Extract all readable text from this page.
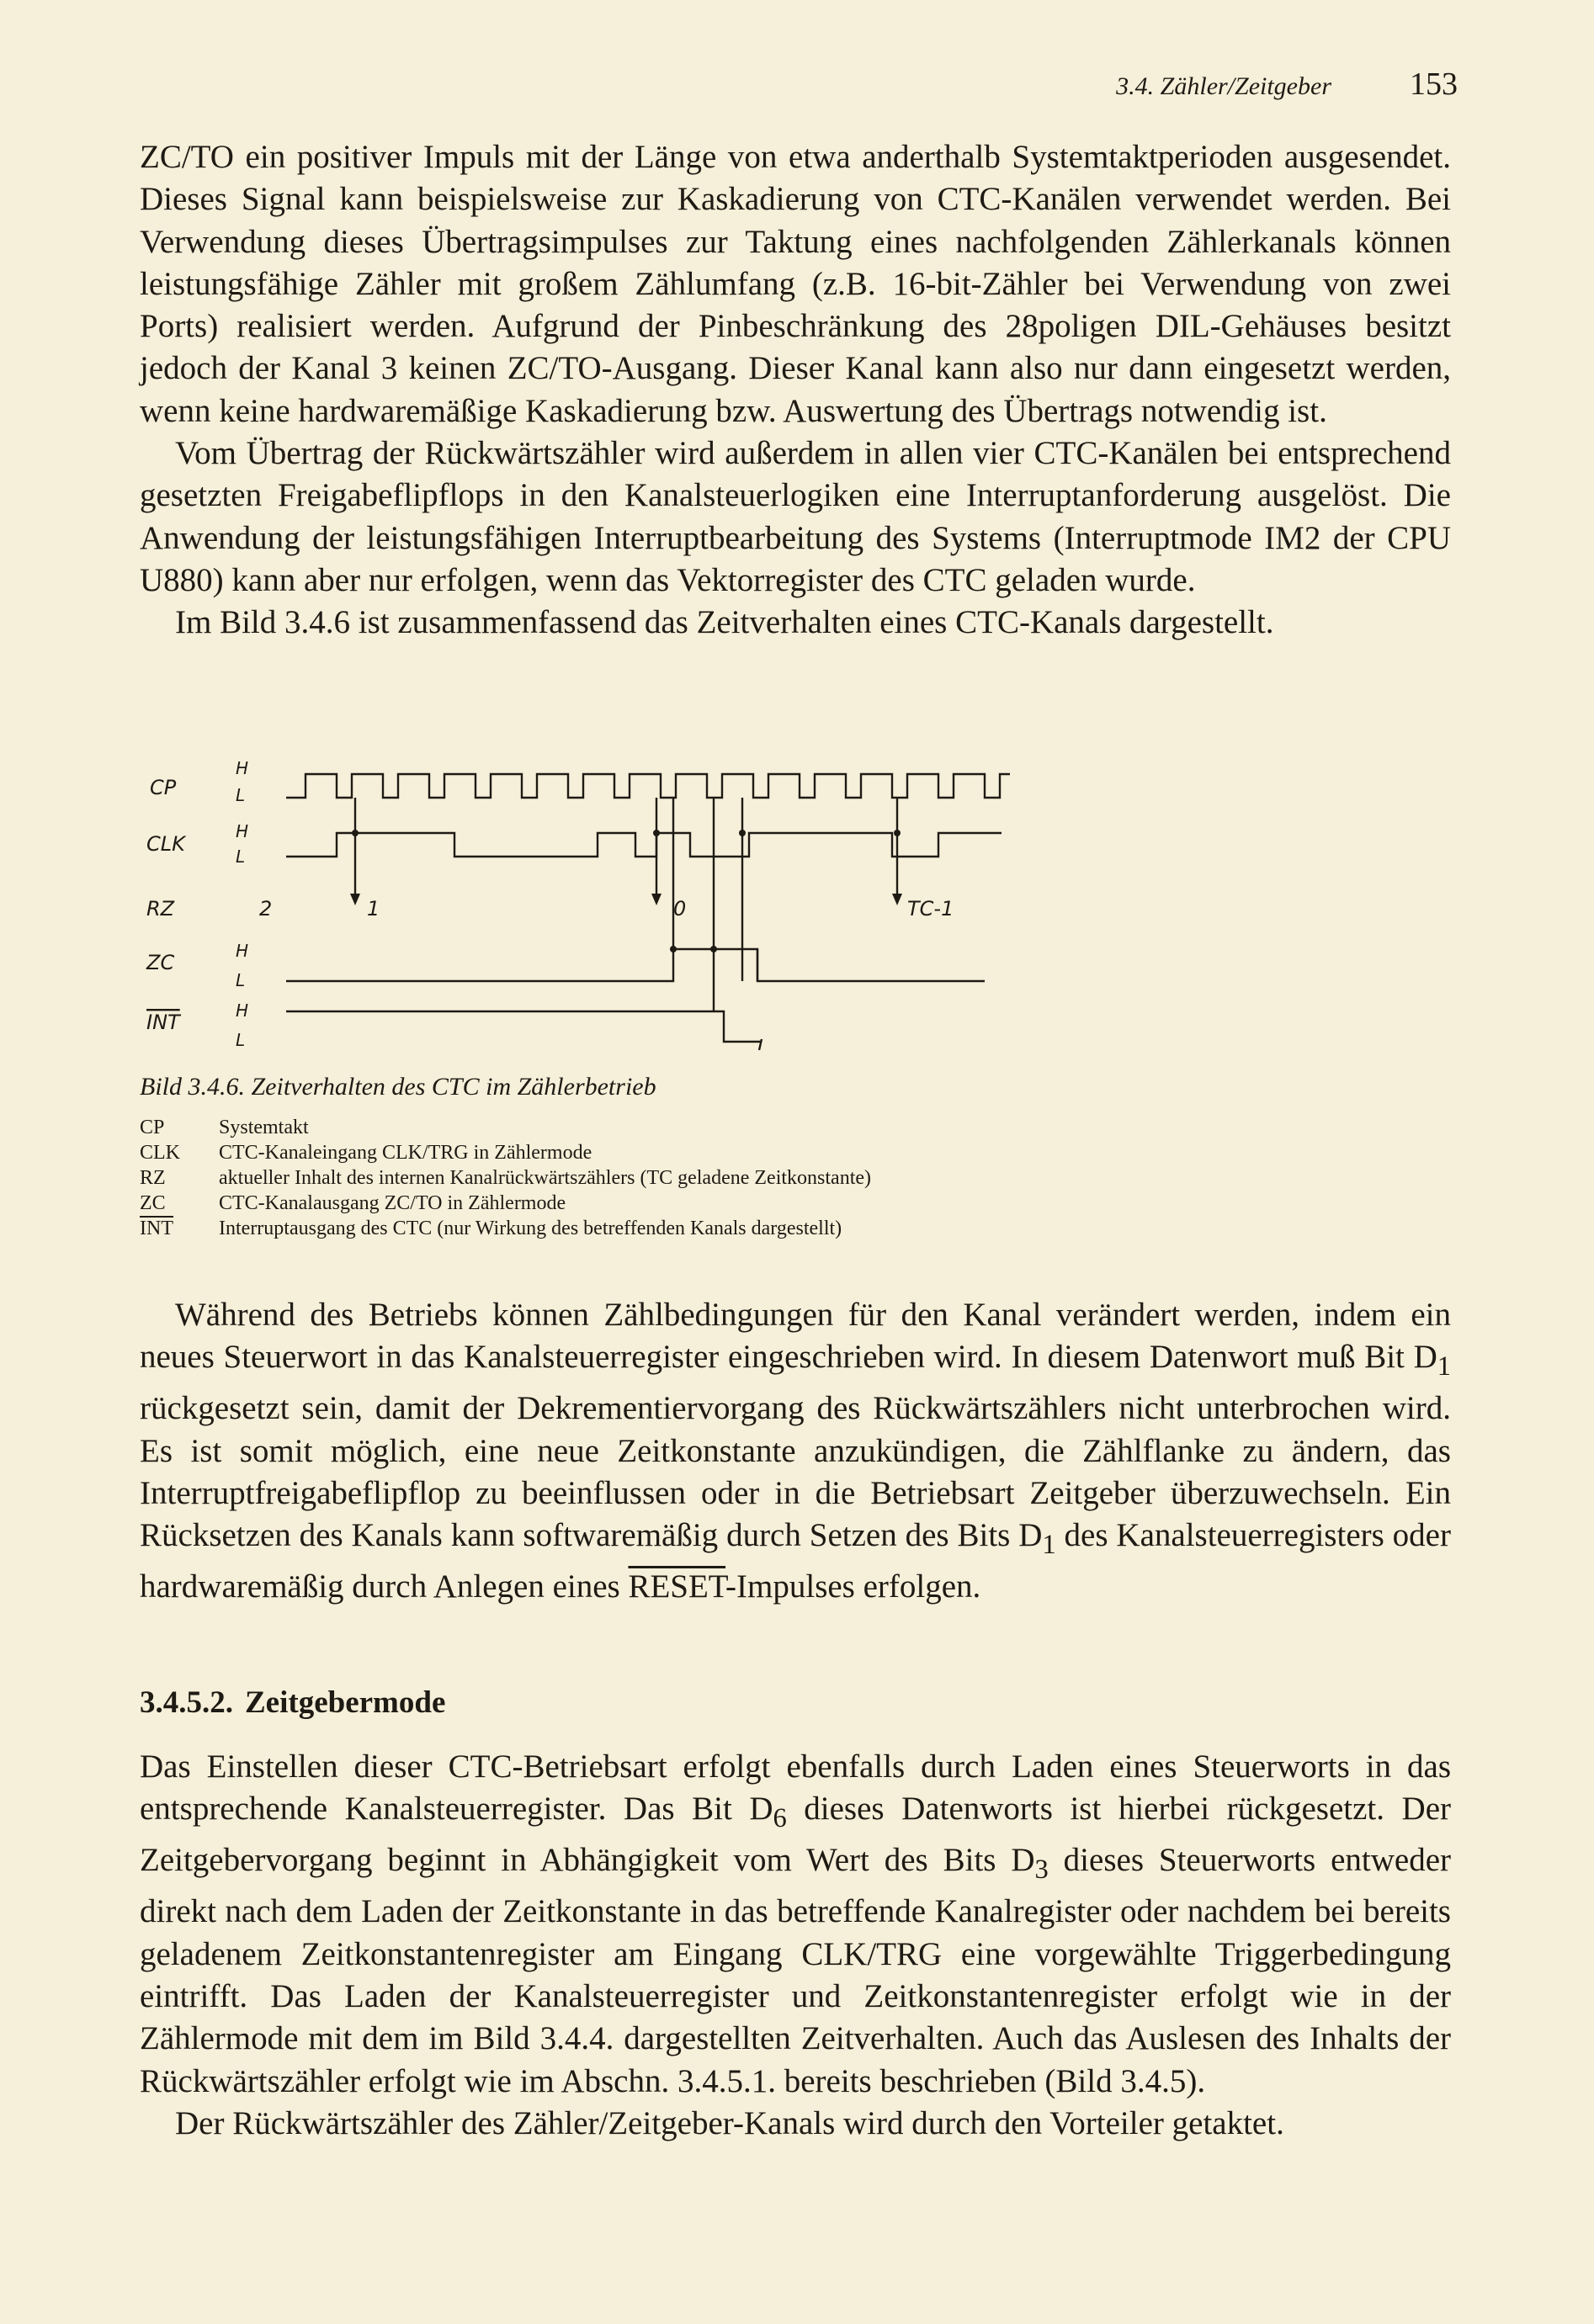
3.4. Zähler/Zeitgeber 153

ZC/TO ein positiver Impuls mit der Länge von etwa anderthalb Systemtaktperioden ausgesendet. Dieses Signal kann beispielsweise zur Kaskadierung von CTC-Kanälen verwendet werden. Bei Verwendung dieses Übertragsimpulses zur Taktung eines nachfolgenden Zählerkanals können leistungsfähige Zähler mit großem Zählumfang (z.B. 16-bit-Zähler bei Verwendung von zwei Ports) realisiert werden. Aufgrund der Pinbeschränkung des 28poligen DIL-Gehäuses besitzt jedoch der Kanal 3 keinen ZC/TO-Ausgang. Dieser Kanal kann also nur dann eingesetzt werden, wenn keine hardwaremäßige Kaskadierung bzw. Auswertung des Übertrags notwendig ist.

Vom Übertrag der Rückwärtszähler wird außerdem in allen vier CTC-Kanälen bei entsprechend gesetzten Freigabeflipflops in den Kanalsteuerlogiken eine Interruptanforderung ausgelöst. Die Anwendung der leistungsfähigen Interruptbearbeitung des Systems (Interruptmode IM2 der CPU U880) kann aber nur erfolgen, wenn das Vektorregister des CTC geladen wurde.

Im Bild 3.4.6 ist zusammenfassend das Zeitverhalten eines CTC-Kanals dargestellt.

CP
CLK
RZ
ZC
INT
H
L
H
L
H
L
H
L
2	1	0	TC-1
Bild 3.4.6. Zeitverhalten des CTC im Zählerbetrieb
CP	Systemtakt
CLK	CTC-Kanaleingang CLK/TRG in Zählermode
RZ	aktueller Inhalt des internen Kanalrückwärtszählers (TC geladene Zeitkonstante)
ZC	CTC-Kanalausgang ZC/TO in Zählermode
$\overline{INT}$	Interruptausgang des CTC (nur Wirkung des betreffenden Kanals dargestellt)

Während des Betriebs können Zählbedingungen für den Kanal verändert werden, indem ein neues Steuerwort in das Kanalsteuerregister eingeschrieben wird. In diesem Datenwort muß Bit $D_1$ rückgesetzt sein, damit der Dekrementiervorgang des Rückwärtszählers nicht unterbrochen wird. Es ist somit möglich, eine neue Zeitkonstante anzukündigen, die Zählflanke zu ändern, das Interruptfreigabeflipflop zu beeinflussen oder in die Betriebsart Zeitgeber überzuwechseln. Ein Rücksetzen des Kanals kann softwaremäßig durch Setzen des Bits $D_1$ des Kanalsteuerregisters oder hardwaremäßig durch Anlegen eines RESET-Impulses erfolgen.

3.4.5.2. Zeitgebermode

Das Einstellen dieser CTC-Betriebsart erfolgt ebenfalls durch Laden eines Steuerworts in das entsprechende Kanalsteuerregister. Das Bit $D_6$ dieses Datenworts ist hierbei rückgesetzt. Der Zeitgebervorgang beginnt in Abhängigkeit vom Wert des Bits $D_3$ dieses Steuerworts entweder direkt nach dem Laden der Zeitkonstante in das betreffende Kanalregister oder nachdem bei bereits geladenem Zeitkonstantenregister am Eingang CLK/TRG eine vorgewählte Triggerbedingung eintrifft. Das Laden der Kanalsteuerregister und Zeitkonstantenregister erfolgt wie in der Zählermode mit dem im Bild 3.4.4. dargestellten Zeitverhalten. Auch das Auslesen des Inhalts der Rückwärtszähler erfolgt wie im Abschn. 3.4.5.1. bereits beschrieben (Bild 3.4.5).

Der Rückwärtszähler des Zähler/Zeitgeber-Kanals wird durch den Vorteiler getaktet.
